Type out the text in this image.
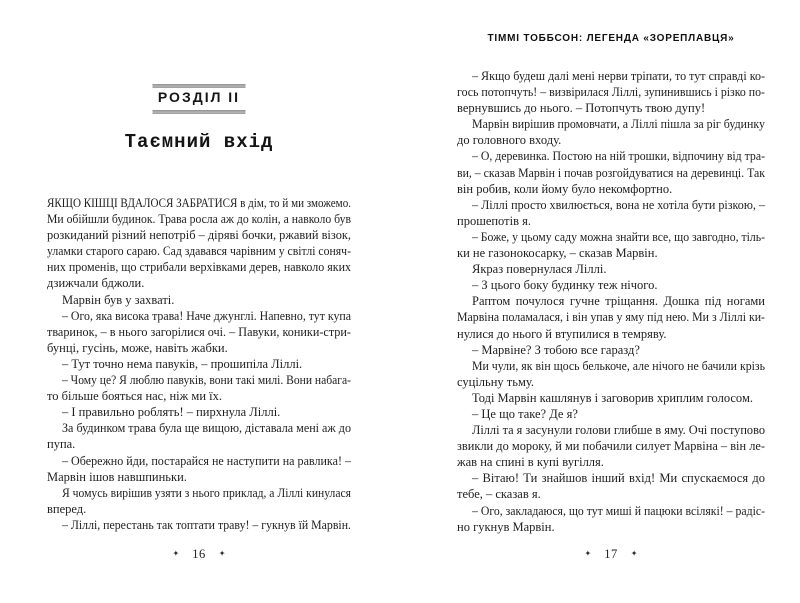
РОЗДІЛ II
Таємний вхід
ЯКЩО КІШЦІ ВДАЛОСЯ ЗАБРАТИСЯ в дім, то й ми зможемо.
Ми обійшли будинок. Трава росла аж до колін, а навколо був
розкиданий різний непотріб – діряві бочки, ржавий візок,
уламки старого сараю. Сад здавався чарівним у світлі соняч-
них променів, що стрибали верхівками дерев, навколо яких
дзижчали бджоли.
Марвін був у захваті.
– Ого, яка висока трава! Наче джунглі. Напевно, тут купа
тваринок, – в нього загорілися очі. – Павуки, коники-стри-
бунці, гусінь, може, навіть жабки.
– Тут точно нема павуків, – прошипіла Ліллі.
– Чому це? Я люблю павуків, вони такі милі. Вони набага-
то більше бояться нас, ніж ми їх.
– І правильно роблять! – пирхнула Ліллі.
За будинком трава була ще вищою, діставала мені аж до
пупа.
– Обережно йди, постарайся не наступити на равлика! –
Марвін ішов навшпиньки.
Я чомусь вирішив узяти з нього приклад, а Ліллі кинулася
вперед.
– Ліллі, перестань так топтати траву! – гукнув їй Марвін.
✦ 16 ✦
ТІММІ ТОББСОН: ЛЕГЕНДА «ЗОРЕПЛАВЦЯ»
– Якщо будеш далі мені нерви тріпати, то тут справді ко-
гось потопчуть! – визвірилася Ліллі, зупинившись і різко по-
вернувшись до нього. – Потопчуть твою дупу!
Марвін вирішив промовчати, а Ліллі пішла за ріг будинку
до головного входу.
– О, деревинка. Постою на ній трошки, відпочину від тра-
ви, – сказав Марвін і почав розгойдуватися на деревинці. Так
він робив, коли йому було некомфортно.
– Ліллі просто хвилюється, вона не хотіла бути різкою, –
прошепотів я.
– Боже, у цьому саду можна знайти все, що завгодно, тіль-
ки не газонокосарку, – сказав Марвін.
Якраз повернулася Ліллі.
– З цього боку будинку теж нічого.
Раптом почулося гучне тріщання. Дошка під ногами
Марвіна поламалася, і він упав у яму під нею. Ми з Ліллі ки-
нулися до нього й втупилися в темряву.
– Марвіне? З тобою все гаразд?
Ми чули, як він щось белькоче, але нічого не бачили крізь
суцільну тьму.
Тоді Марвін кашлянув і заговорив хриплим голосом.
– Це що таке? Де я?
Ліллі та я засунули голови глибше в яму. Очі поступово
звикли до мороку, й ми побачили силует Марвіна – він ле-
жав на спині в купі вугілля.
– Вітаю! Ти знайшов інший вхід! Ми спускаємося до
тебе, – сказав я.
– Ого, закладаюся, що тут миші й пацюки всілякі! – радіс-
но гукнув Марвін.
✦ 17 ✦
